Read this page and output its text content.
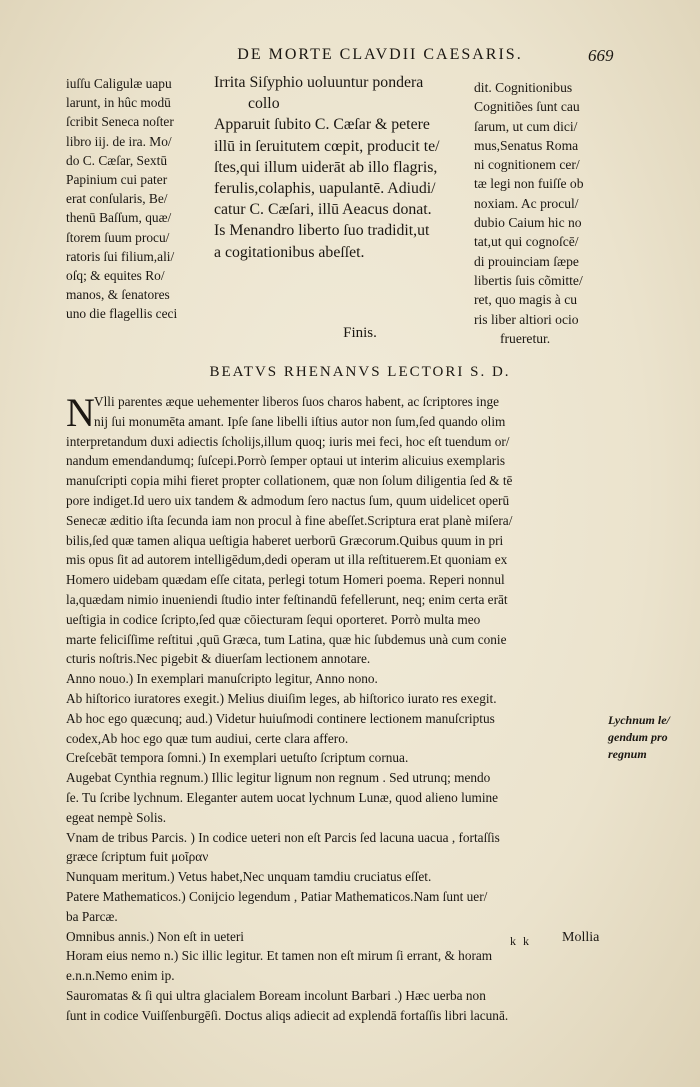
DE MORTE CLAVDII CAESARIS.	669
iuſſu Caligulæ uapu
larunt, in hûc modū
ſcribit Seneca noſter
libro iij. de ira. Mo/
do C. Cæſar, Sextū
Papinium cui pater
erat conſularis, Be/
thenū Baſſum, quæ/
ſtorem ſuum procu/
ratoris ſui filium,ali/
oſq; & equites Ro/
manos, & ſenatores
uno die flagellis ceci
Irrita Siſyphio uoluuntur pondera
collo
Apparuit ſubito C. Cæſar & petere
illū in ſeruitutem cœpit, producit te/
ſtes,qui illum uiderāt ab illo flagris,
ferulis,colaphis, uapulantē. Adiudi/
catur C. Cæſari, illū Aeacus donat.
Is Menandro liberto ſuo tradidit,ut
a cogitationibus abeſſet.
dit. Cognitionibus
Cognitiões ſunt cau
ſarum, ut cum dici/
mus,Senatus Roma
ni cognitionem cer/
tæ legi non fuiſſe ob
noxiam. Ac procul/
dubio Caium hic no
tat,ut qui cognoſcē/
di prouinciam ſæpe
libertis ſuis cõmitte/
ret, quo magis à cu
ris liber altiori ocio
frueretur.
Finis.
BEATVS RHENANVS LECTORI S. D.
N Vlli parentes æque uehementer liberos ſuos charos habent, ac ſcriptores inge
nij ſui monumēta amant. Ipſe ſane libelli iſtius autor non ſum,ſed quando olim
interpretandum duxi adiectis ſcholijs,illum quoq; iuris mei feci, hoc eſt tuendum or/
nandum emendandumq; ſuſcepi.Porrò ſemper optaui ut interim alicuius exemplaris
manuſcripti copia mihi fieret propter collationem, quæ non ſolum diligentia ſed & tē
pore indiget.Id uero uix tandem & admodum ſero nactus ſum, quum uidelicet operū
Senecæ æditio iſta ſecunda iam non procul à fine abeſſet.Scriptura erat planè miſera/
bilis,ſed quæ tamen aliqua ueſtigia haberet uerborū Græcorum.Quibus quum in pri
mis opus ſit ad autorem intelligēdum,dedi operam ut illa reſtituerem.Et quoniam ex
Homero uidebam quædam eſſe citata, perlegi totum Homeri poema. Reperi nonnul
la,quædam nimio inueniendi ſtudio inter feſtinandū fefellerunt, neq; enim certa erāt
ueſtigia in codice ſcripto,ſed quæ cōiecturam ſequi oporteret. Porrò multa meo
marte feliciſſime reſtitui ,quū Græca, tum Latina, quæ hic ſubdemus unà cum conie
cturis noſtris.Nec pigebit & diuerſam lectionem annotare.
Anno nouo.) In exemplari manuſcripto legitur, Anno nono.
Ab hiſtorico iuratores exegit.) Melius diuiſim leges, ab hiſtorico iurato res exegit.
Ab hoc ego quæcunq; aud.) Videtur huiuſmodi continere lectionem manuſcriptus
codex,Ab hoc ego quæ tum audiui, certe clara affero.
Creſcebāt tempora ſomni.) In exemplari uetuſto ſcriptum cornua.
Augebat Cynthia regnum.) Illic legitur lignum non regnum . Sed utrunq; mendo
ſe. Tu ſcribe lychnum. Eleganter autem uocat lychnum Lunæ, quod alieno lumine
egeat nempè Solis.
Vnam de tribus Parcis. ) In codice ueteri non eſt Parcis ſed lacuna uacua , fortaſſis
græce ſcriptum fuit μοῖραν
Nunquam meritum.) Vetus habet,Nec unquam tamdiu cruciatus eſſet.
Patere Mathematicos.) Conijcio legendum , Patiar Mathematicos.Nam ſunt uer/
ba Parcæ.
Omnibus annis.) Non eſt in ueteri
Horam eius nemo n.) Sic illic legitur. Et tamen non eſt mirum ſi errant, & horam
e.n.n.Nemo enim ip.
Sauromatas & ſi qui ultra glacialem Boream incolunt Barbari .) Hæc uerba non
ſunt in codice Vuiſſenburgēſi. Doctus aliqs adiecit ad explendā fortaſſis libri lacunā.
Lychnum le/
gendum pro
regnum
k k Mollia
